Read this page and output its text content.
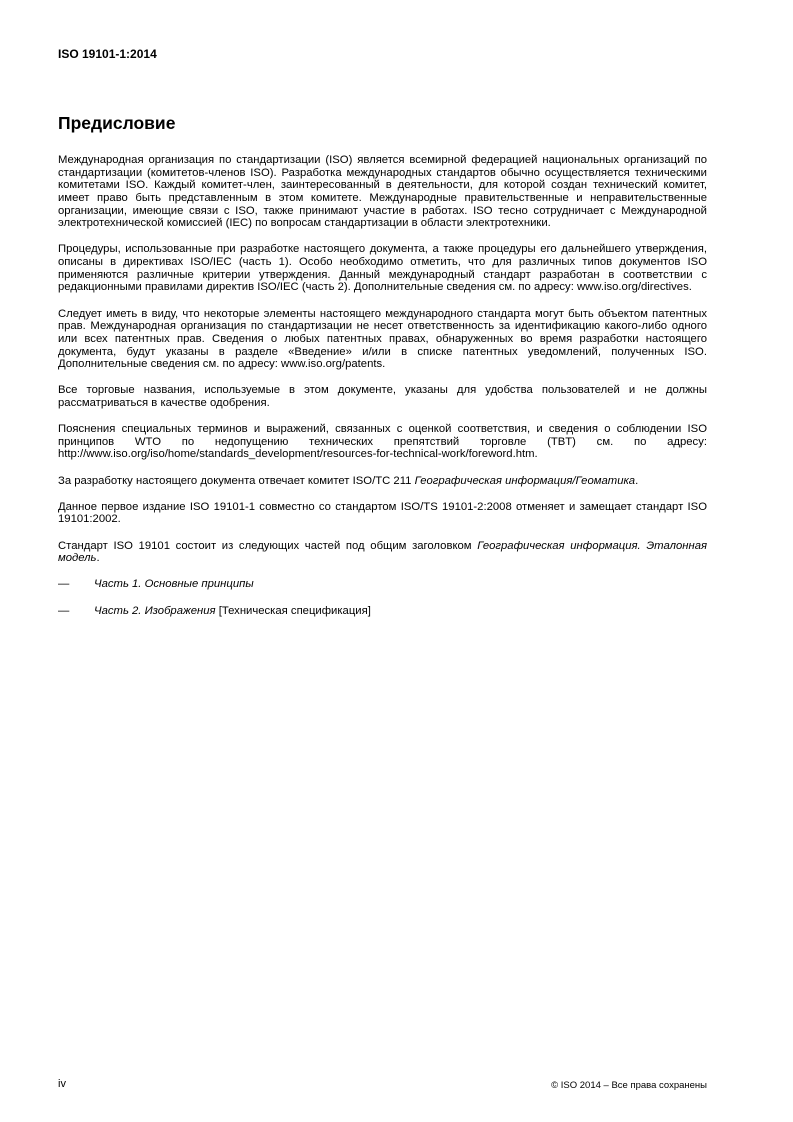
ISO 19101-1:2014

Предисловие

Международная организация по стандартизации (ISO) является всемирной федерацией национальных организаций по стандартизации (комитетов-членов ISO). Разработка международных стандартов обычно осуществляется техническими комитетами ISO. Каждый комитет-член, заинтересованный в деятельности, для которой создан технический комитет, имеет право быть представленным в этом комитете. Международные правительственные и неправительственные организации, имеющие связи с ISO, также принимают участие в работах. ISO тесно сотрудничает с Международной электротехнической комиссией (IEC) по вопросам стандартизации в области электротехники.

Процедуры, использованные при разработке настоящего документа, а также процедуры его дальнейшего утверждения, описаны в директивах ISO/IEC (часть 1). Особо необходимо отметить, что для различных типов документов ISO применяются различные критерии утверждения. Данный международный стандарт разработан в соответствии с редакционными правилами директив ISO/IEC (часть 2). Дополнительные сведения см. по адресу: www.iso.org/directives.

Следует иметь в виду, что некоторые элементы настоящего международного стандарта могут быть объектом патентных прав. Международная организация по стандартизации не несет ответственность за идентификацию какого-либо одного или всех патентных прав. Сведения о любых патентных правах, обнаруженных во время разработки настоящего документа, будут указаны в разделе «Введение» и/или в списке патентных уведомлений, полученных ISO. Дополнительные сведения см. по адресу: www.iso.org/patents.

Все торговые названия, используемые в этом документе, указаны для удобства пользователей и не должны рассматриваться в качестве одобрения.

Пояснения специальных терминов и выражений, связанных с оценкой соответствия, и сведения о соблюдении ISO принципов WTO по недопущению технических препятствий торговле (TBT) см. по адресу: http://www.iso.org/iso/home/standards_development/resources-for-technical-work/foreword.htm.

За разработку настоящего документа отвечает комитет ISO/TC 211 Географическая информация/Геоматика.

Данное первое издание ISO 19101-1 совместно со стандартом ISO/TS 19101-2:2008 отменяет и замещает стандарт ISO 19101:2002.

Стандарт ISO 19101 состоит из следующих частей под общим заголовком Географическая информация. Эталонная модель.

—	Часть 1. Основные принципы
—	Часть 2. Изображения [Техническая спецификация]

iv	© ISO 2014 – Все права сохранены
